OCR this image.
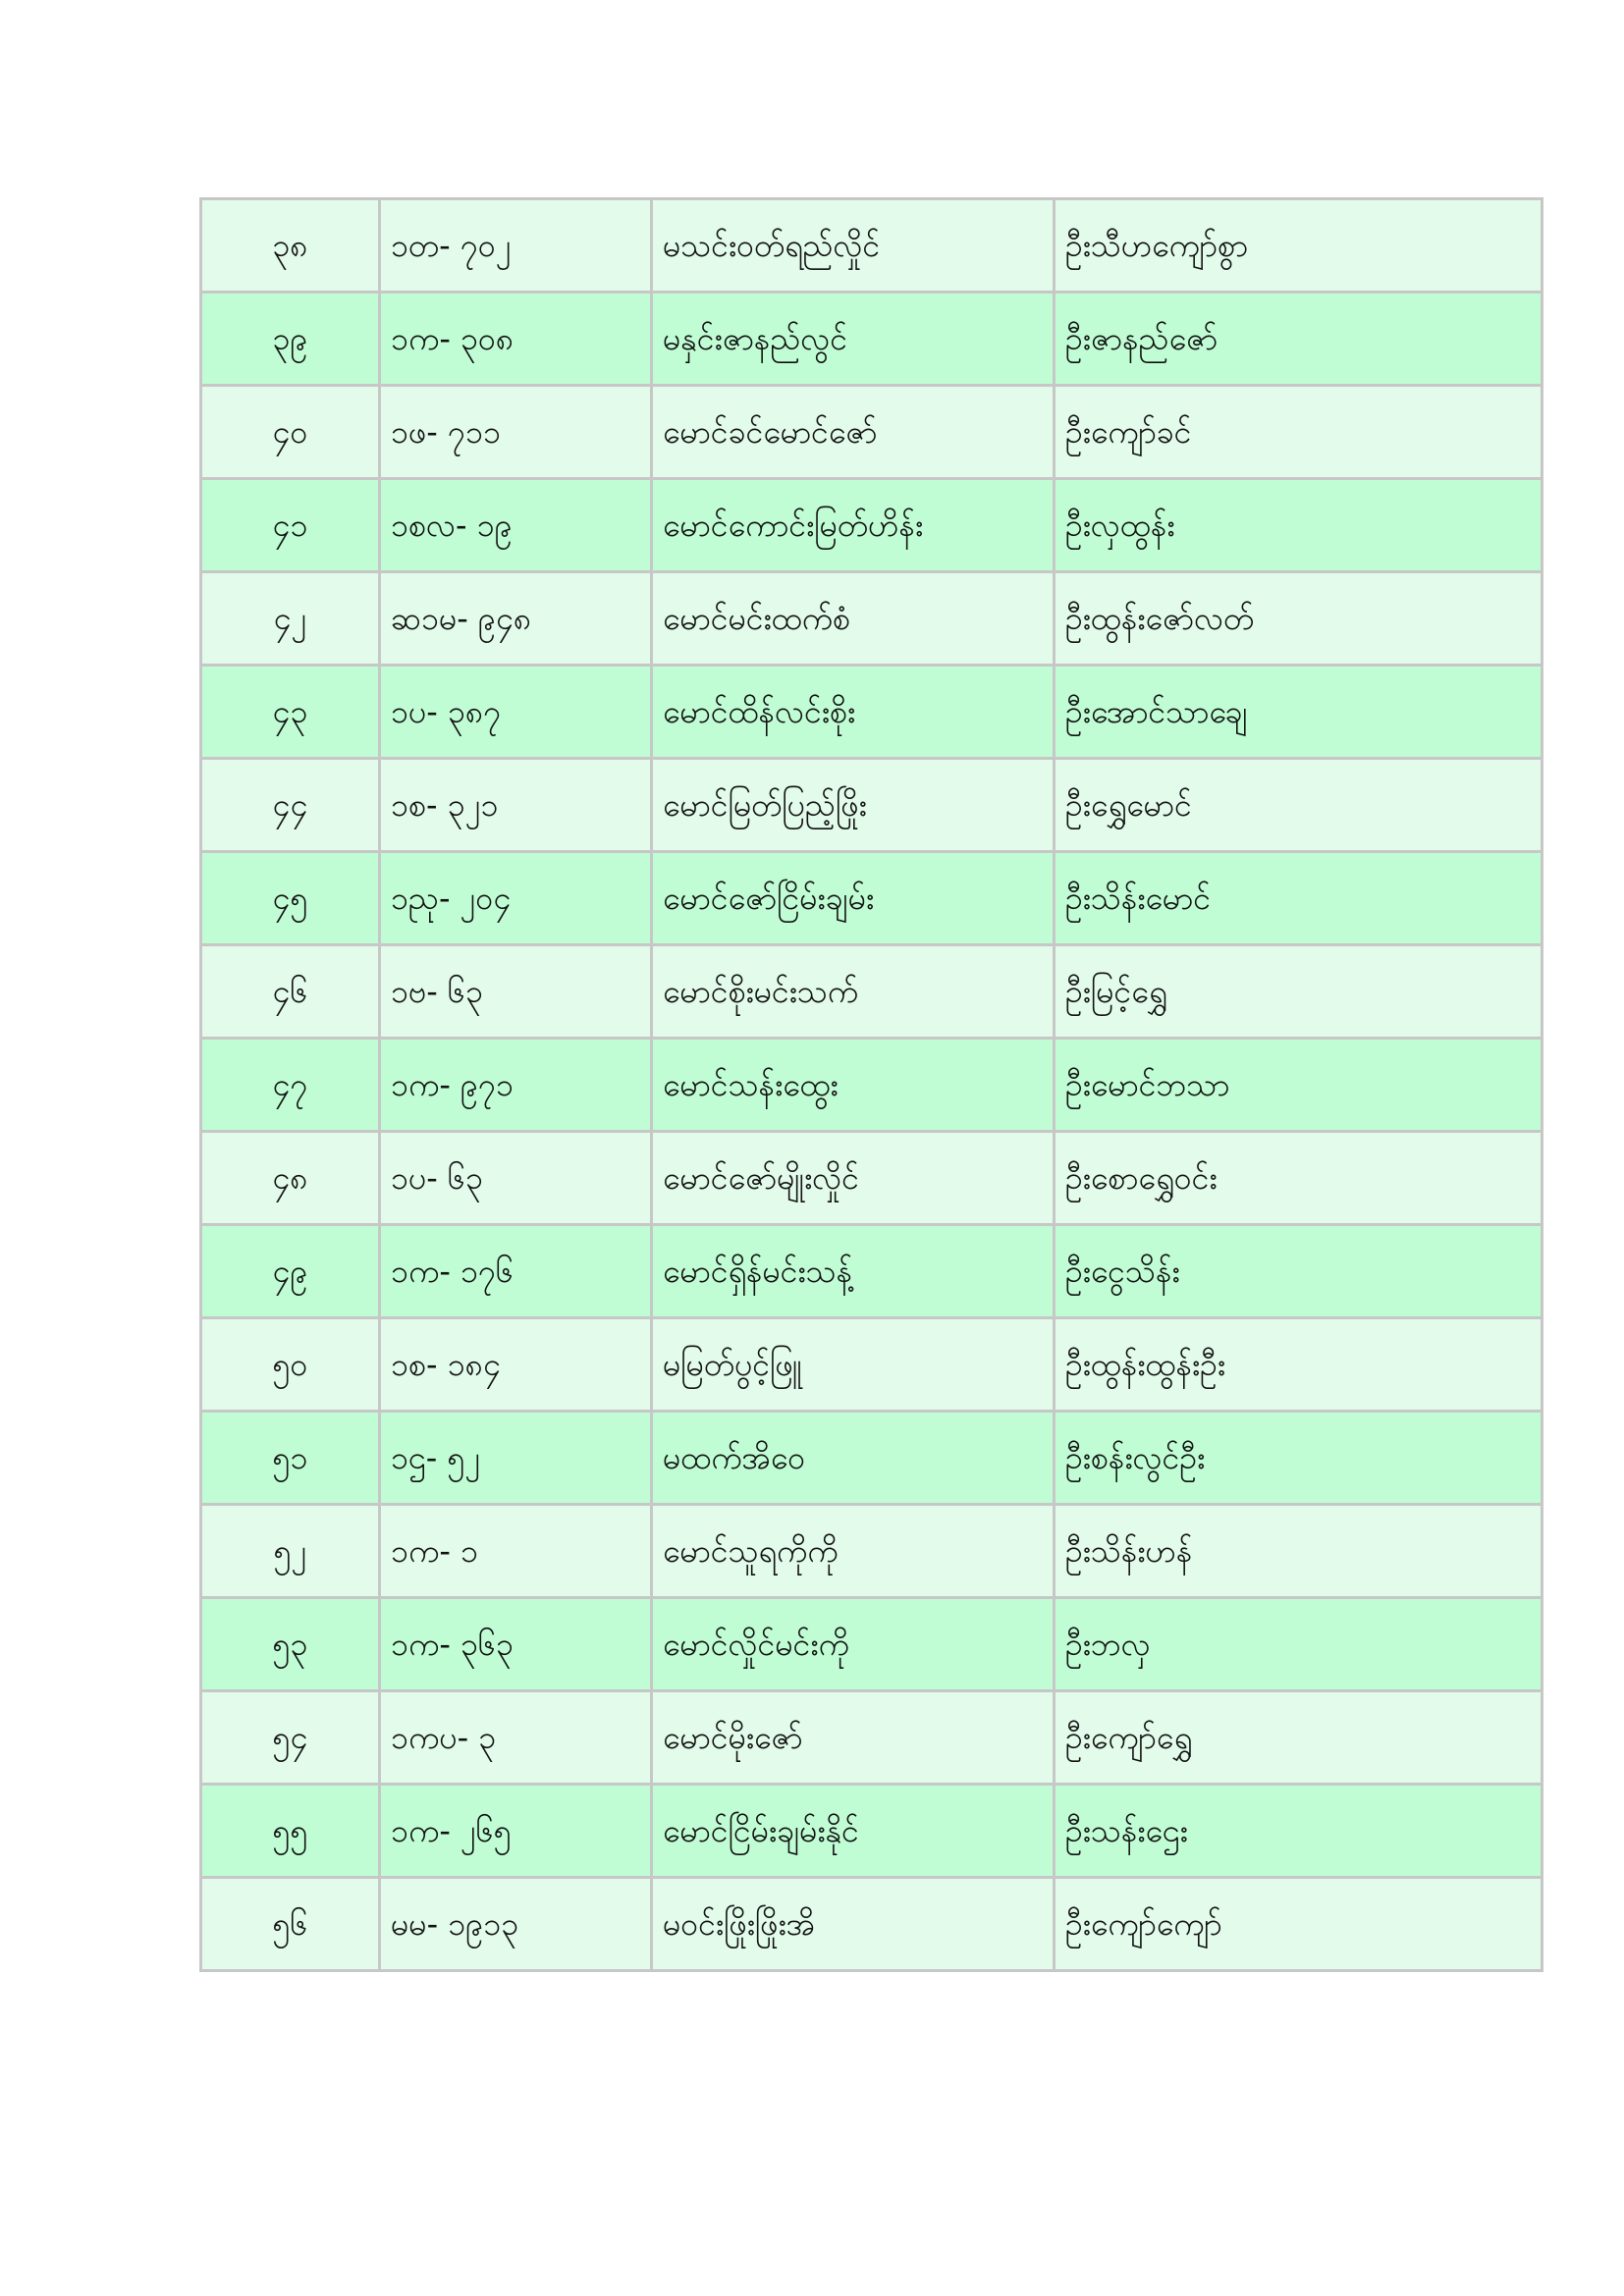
၃၈	၁တ- ၇၀၂	မသင်းဝတ်ရည်လှိုင်	ဦးသီဟကျော်စွာ
၃၉	၁က- ၃၀၈	မနှင်းဇာနည်လွင်	ဦးဇာနည်ဇော်
၄၀	၁ဖ- ၇၁၁	မောင်ခင်မောင်ဇော်	ဦးကျော်ခင်
၄၁	၁စလ- ၁၉	မောင်ကောင်းမြတ်ဟိန်း	ဦးလှထွန်း
၄၂	ဆ၁မ- ၉၄၈	မောင်မင်းထက်စံ	ဦးထွန်းဇော်လတ်
၄၃	၁ပ- ၃၈၇	မောင်ထိန်လင်းစိုး	ဦးအောင်သာချေ
၄၄	၁စ- ၃၂၁	မောင်မြတ်ပြည့်ဖြိုး	ဦးရွှေမောင်
၄၅	၁ညု- ၂၀၄	မောင်ဇော်ငြိမ်းချမ်း	ဦးသိန်းမောင်
၄၆	၁ဗ- ၆၃	မောင်စိုးမင်းသက်	ဦးမြင့်ရွှေ
၄၇	၁က- ၉၇၁	မောင်သန်းထွေး	ဦးမောင်ဘသာ
၄၈	၁ပ- ၆၃	မောင်ဇော်မျိုးလှိုင်	ဦးစောရွှေဝင်း
၄၉	၁က- ၁၇၆	မောင်ရှိန်မင်းသန့်	ဦးငွေသိန်း
၅၀	၁စ- ၁၈၄	မမြတ်ပွင့်ဖြူ	ဦးထွန်းထွန်းဦး
၅၁	၁ဌ- ၅၂	မထက်အိဝေ	ဦးစန်းလွင်ဦး
၅၂	၁က- ၁	မောင်သူရကိုကို	ဦးသိန်းဟန်
၅၃	၁က- ၃၆၃	မောင်လှိုင်မင်းကို	ဦးဘလှ
၅၄	၁ကပ- ၃	မောင်မိုးဇော်	ဦးကျော်ရွှေ
၅၅	၁က- ၂၆၅	မောင်ငြိမ်းချမ်းနိုင်	ဦးသန်းဌေး
၅၆	မမ- ၁၉၁၃	မဝင်းဖြိုးဖြိုးအိ	ဦးကျော်ကျော်
